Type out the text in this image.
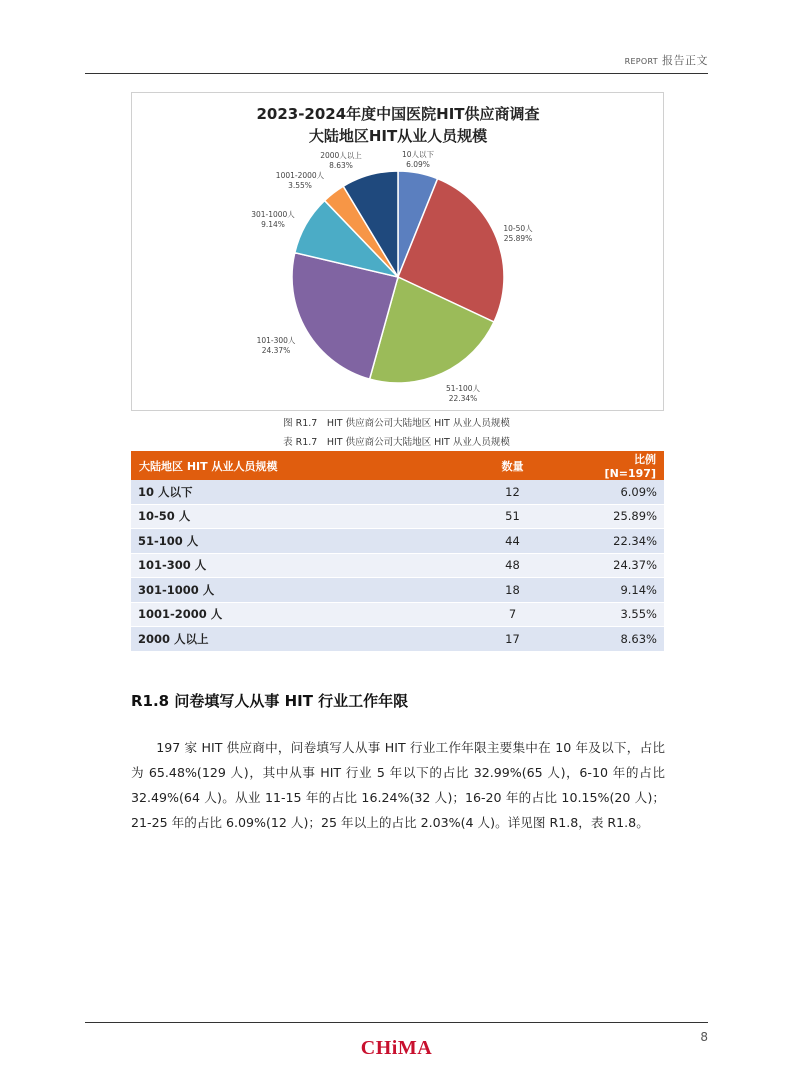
REPORT 报告正文
2023-2024年度中国医院HIT供应商调查
大陆地区HIT从业人员规模
10人以下
6.09%
10-50人
25.89%
51-100人
22.34%
101-300人
24.37%
301-1000人
9.14%
1001-2000人
3.55%
2000人以上
8.63%
图 R1.7　HIT 供应商公司大陆地区 HIT 从业人员规模
表 R1.7　HIT 供应商公司大陆地区 HIT 从业人员规模
大陆地区 HIT 从业人员规模	数量	比例[N=197]
10 人以下	12	6.09%
10-50 人	51	25.89%
51-100 人	44	22.34%
101-300 人	48	24.37%
301-1000 人	18	9.14%
1001-2000 人	7	3.55%
2000 人以上	17	8.63%
R1.8 问卷填写人从事 HIT 行业工作年限
197 家 HIT 供应商中，问卷填写人从事 HIT 行业工作年限主要集中在 10 年及以下，占比为 65.48%(129 人)，其中从事 HIT 行业 5 年以下的占比 32.99%(65 人)，6-10 年的占比 32.49%(64 人)。从业 11-15 年的占比 16.24%(32 人)；16-20 年的占比 10.15%(20 人)；21-25 年的占比 6.09%(12 人)；25 年以上的占比 2.03%(4 人)。详见图 R1.8，表 R1.8。
8
CHiMA
